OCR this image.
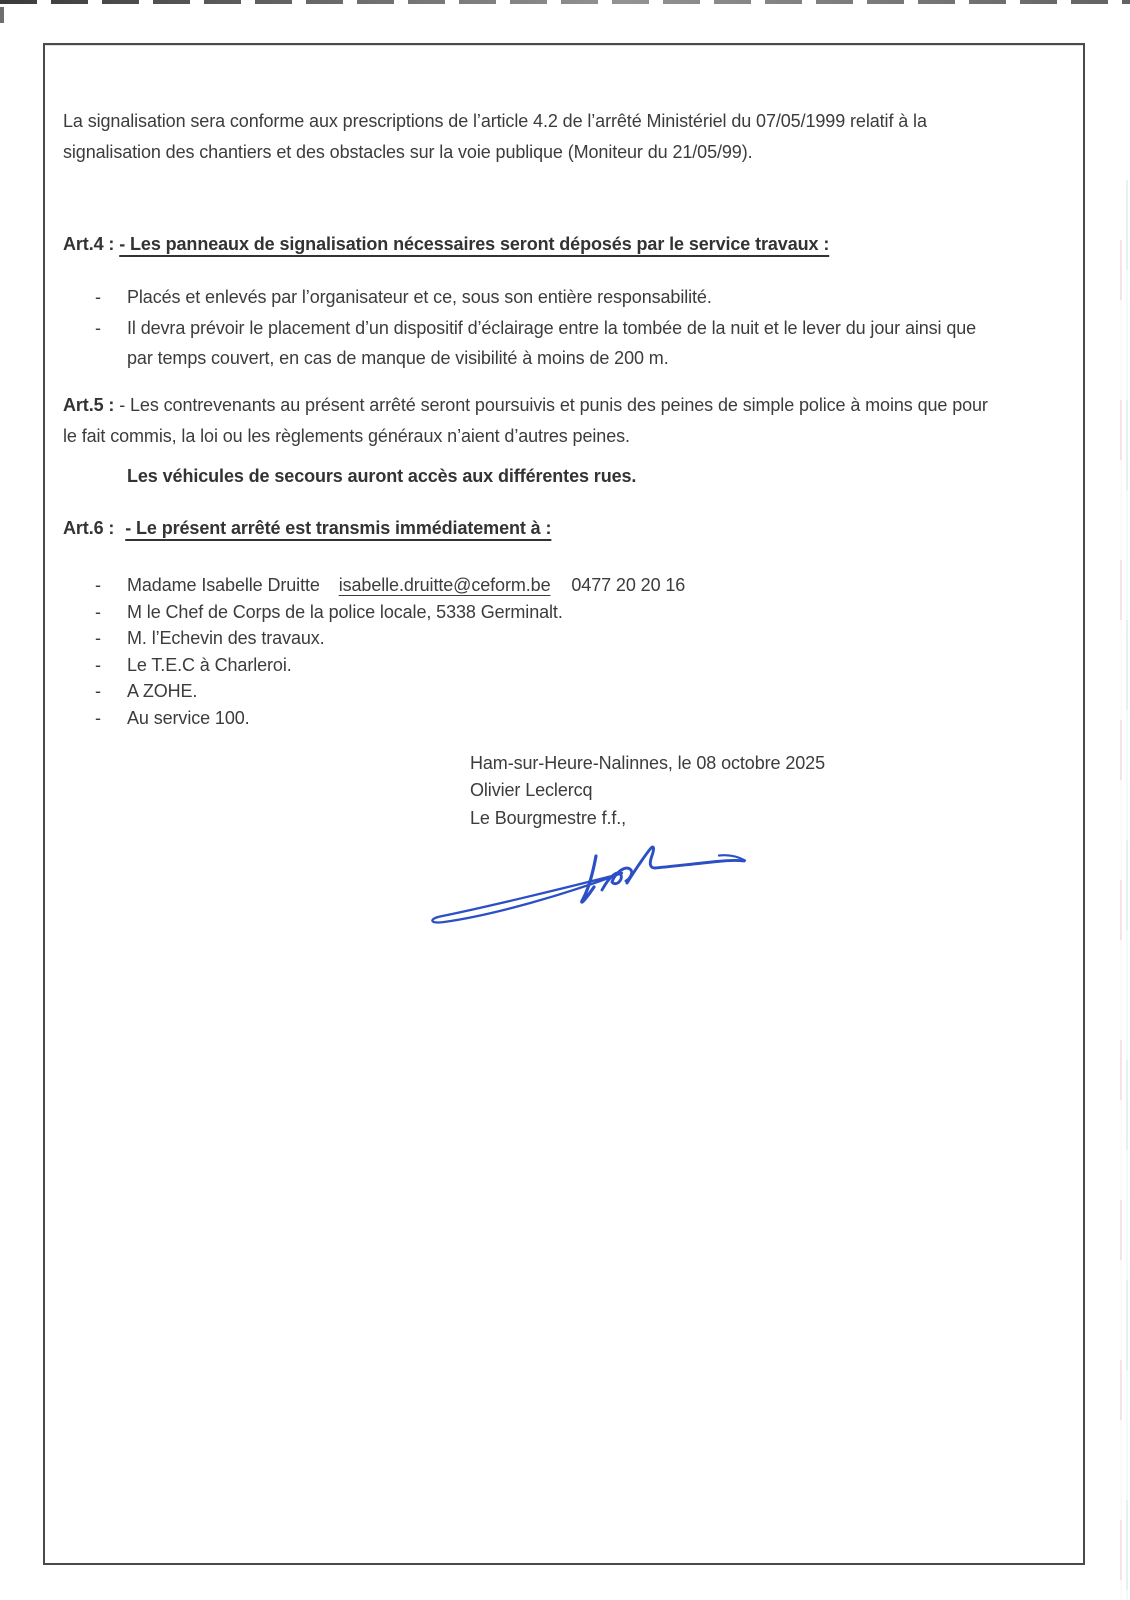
La signalisation sera conforme aux prescriptions de l’article 4.2 de l’arrêté Ministériel du 07/05/1999 relatif à la
signalisation des chantiers et des obstacles sur la voie publique (Moniteur du 21/05/99).
Art.4 : - Les panneaux de signalisation nécessaires seront déposés par le service travaux :
- Placés et enlevés par l’organisateur et ce, sous son entière responsabilité.
- Il devra prévoir le placement d’un dispositif d’éclairage entre la tombée de la nuit et le lever du jour ainsi que
par temps couvert, en cas de manque de visibilité à moins de 200 m.
Art.5 : - Les contrevenants au présent arrêté seront poursuivis et punis des peines de simple police à moins que pour
le fait commis, la loi ou les règlements généraux n’aient d’autres peines.
Les véhicules de secours auront accès aux différentes rues.
Art.6 : - Le présent arrêté est transmis immédiatement à :
- Madame Isabelle Druitte isabelle.druitte@ceform.be 0477 20 20 16
- M le Chef de Corps de la police locale, 5338 Germinalt.
- M. l’Echevin des travaux.
- Le T.E.C à Charleroi.
- A ZOHE.
- Au service 100.
Ham-sur-Heure-Nalinnes, le 08 octobre 2025
Olivier Leclercq
Le Bourgmestre f.f.,
